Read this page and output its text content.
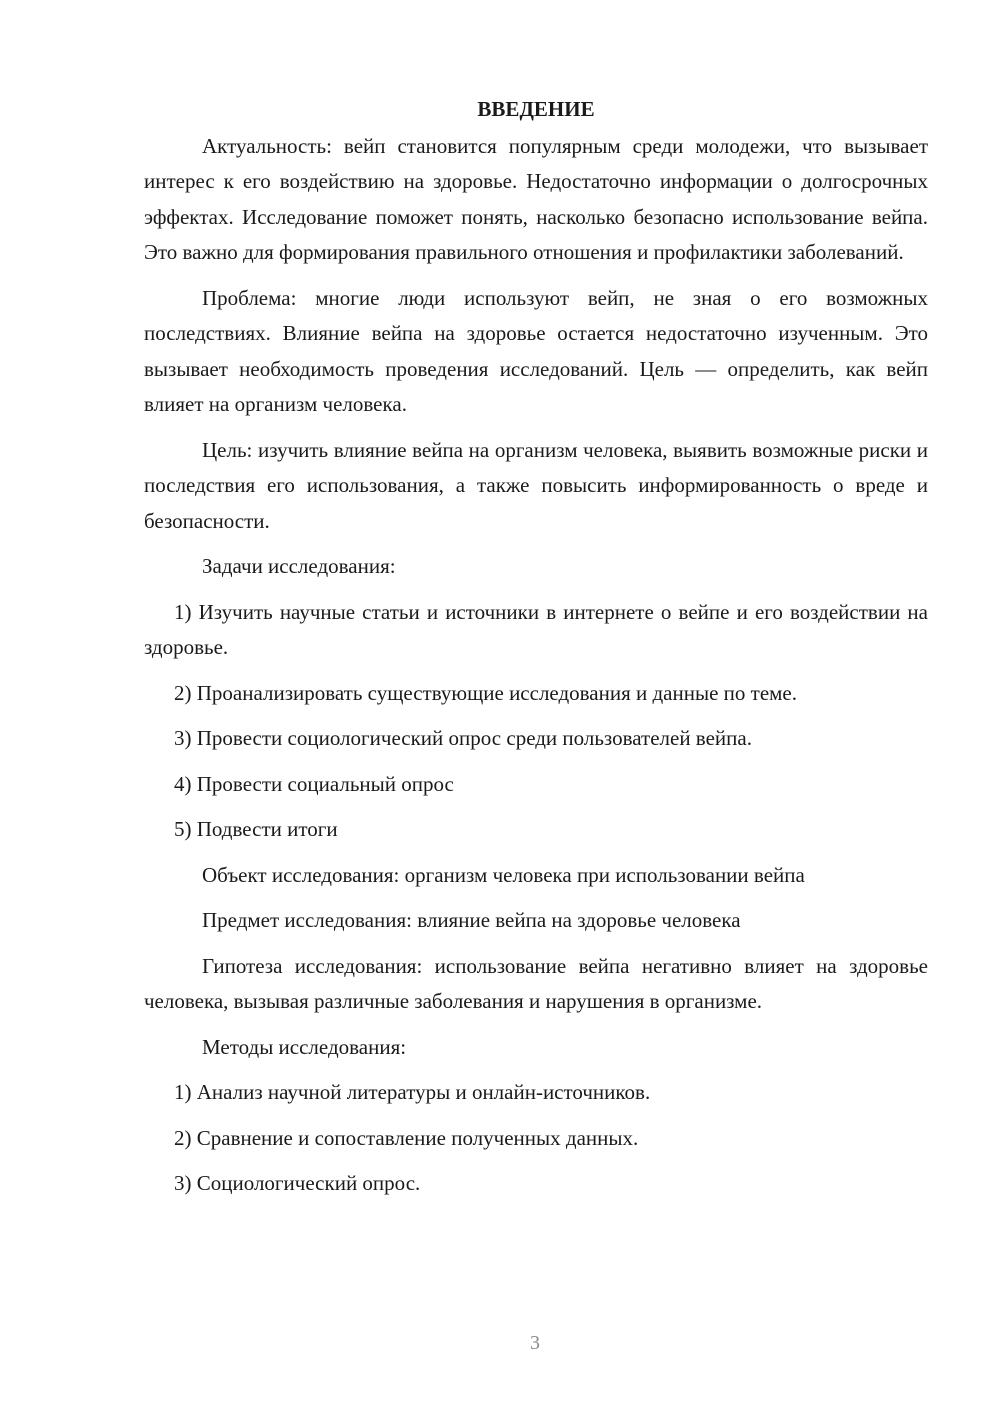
ВВЕДЕНИЕ

Актуальность: вейп становится популярным среди молодежи, что вызывает интерес к его воздействию на здоровье. Недостаточно информации о долгосрочных эффектах. Исследование поможет понять, насколько безопасно использование вейпа. Это важно для формирования правильного отношения и профилактики заболеваний.

Проблема: многие люди используют вейп, не зная о его возможных последствиях. Влияние вейпа на здоровье остается недостаточно изученным. Это вызывает необходимость проведения исследований. Цель — определить, как вейп влияет на организм человека.

Цель: изучить влияние вейпа на организм человека, выявить возможные риски и последствия его использования, а также повысить информированность о вреде и безопасности.

Задачи исследования:

1) Изучить научные статьи и источники в интернете о вейпе и его воздействии на здоровье.

2) Проанализировать существующие исследования и данные по теме.

3) Провести социологический опрос среди пользователей вейпа.

4) Провести социальный опрос

5) Подвести итоги

Объект исследования: организм человека при использовании вейпа

Предмет исследования: влияние вейпа на здоровье человека

Гипотеза исследования: использование вейпа негативно влияет на здоровье человека, вызывая различные заболевания и нарушения в организме.

Методы исследования:

1) Анализ научной литературы и онлайн-источников.

2) Сравнение и сопоставление полученных данных.

3) Социологический опрос.

3
